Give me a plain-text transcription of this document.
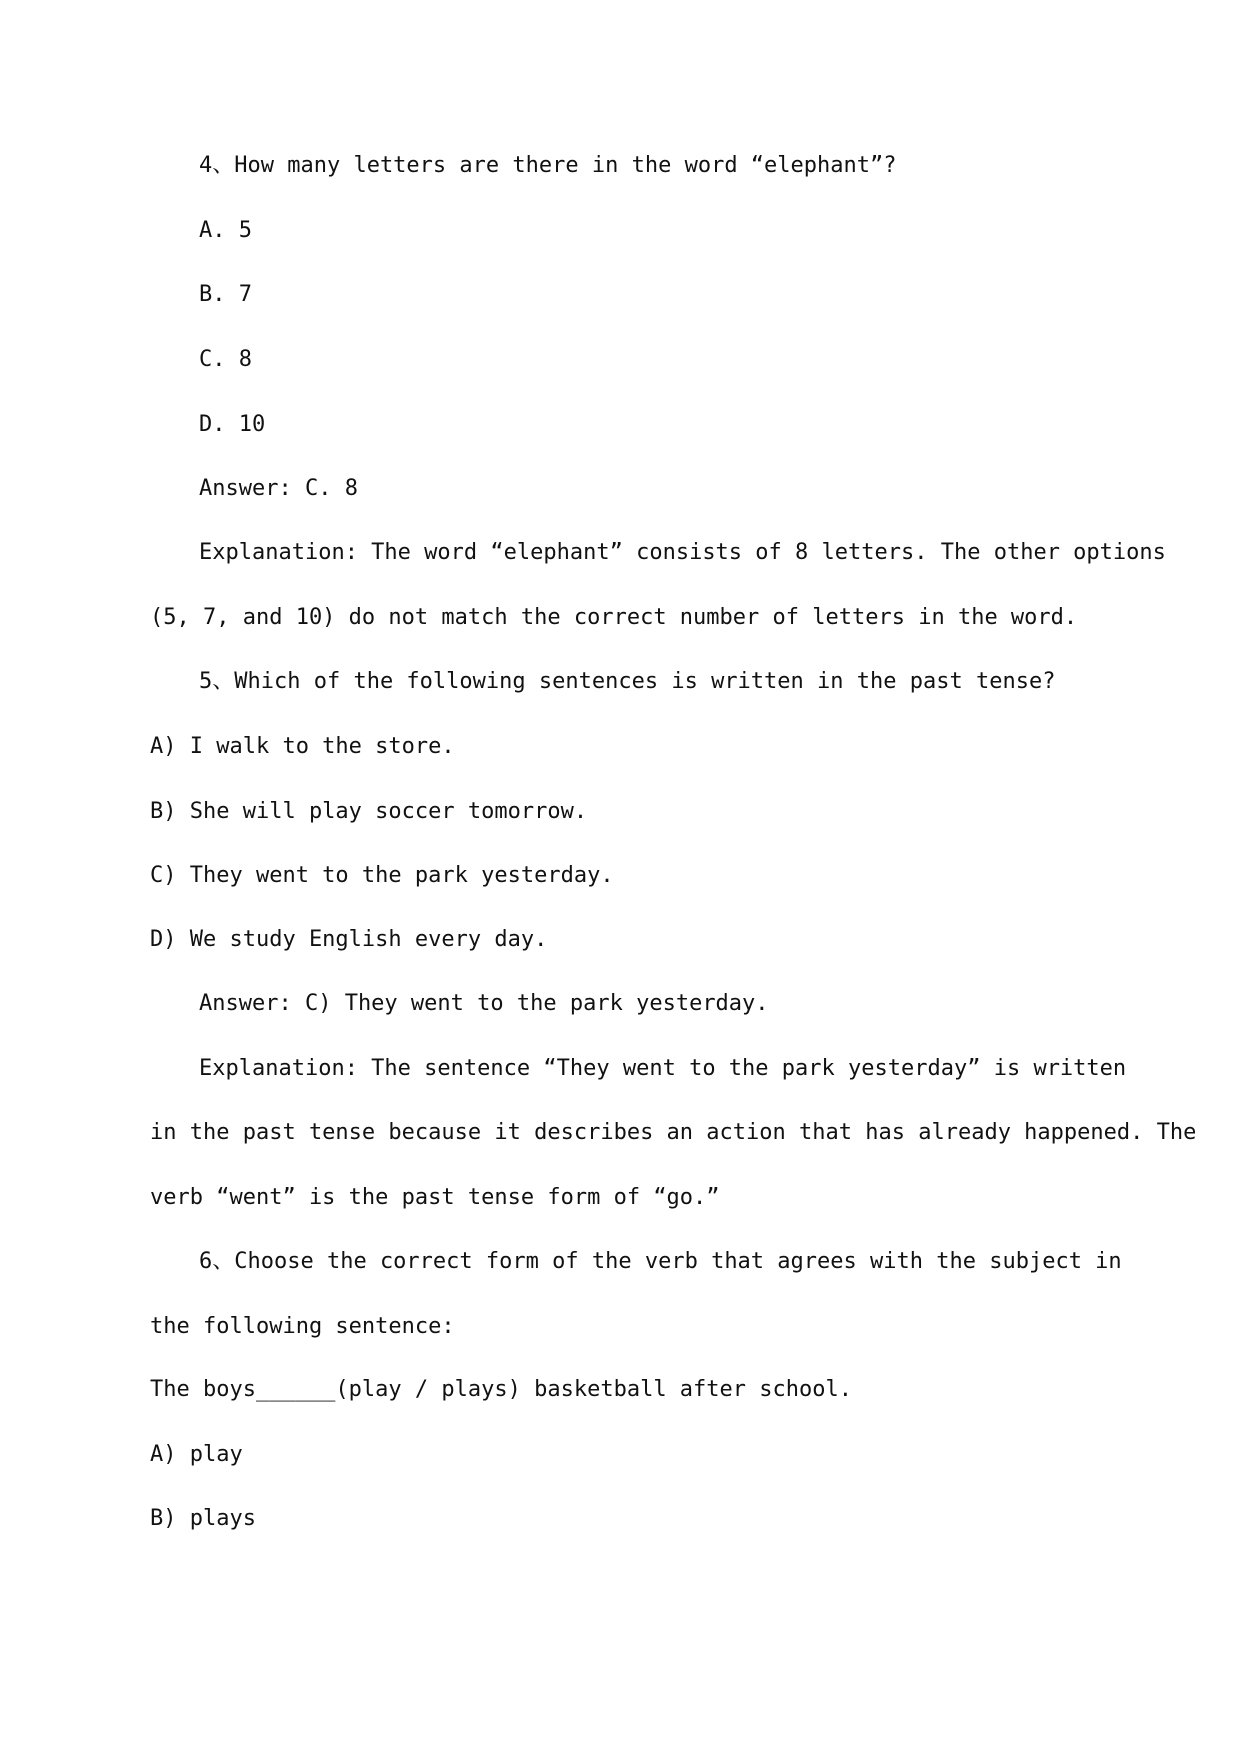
4、How many letters are there in the word “elephant”?
A. 5
B. 7
C. 8
D. 10
Answer: C. 8
Explanation: The word “elephant” consists of 8 letters. The other options
(5, 7, and 10) do not match the correct number of letters in the word.
5、Which of the following sentences is written in the past tense?
A) I walk to the store.
B) She will play soccer tomorrow.
C) They went to the park yesterday.
D) We study English every day.
Answer: C) They went to the park yesterday.
Explanation: The sentence “They went to the park yesterday” is written
in the past tense because it describes an action that has already happened. The
verb “went” is the past tense form of “go.”
6、Choose the correct form of the verb that agrees with the subject in
the following sentence:
The boys______(play / plays) basketball after school.
A) play
B) plays
